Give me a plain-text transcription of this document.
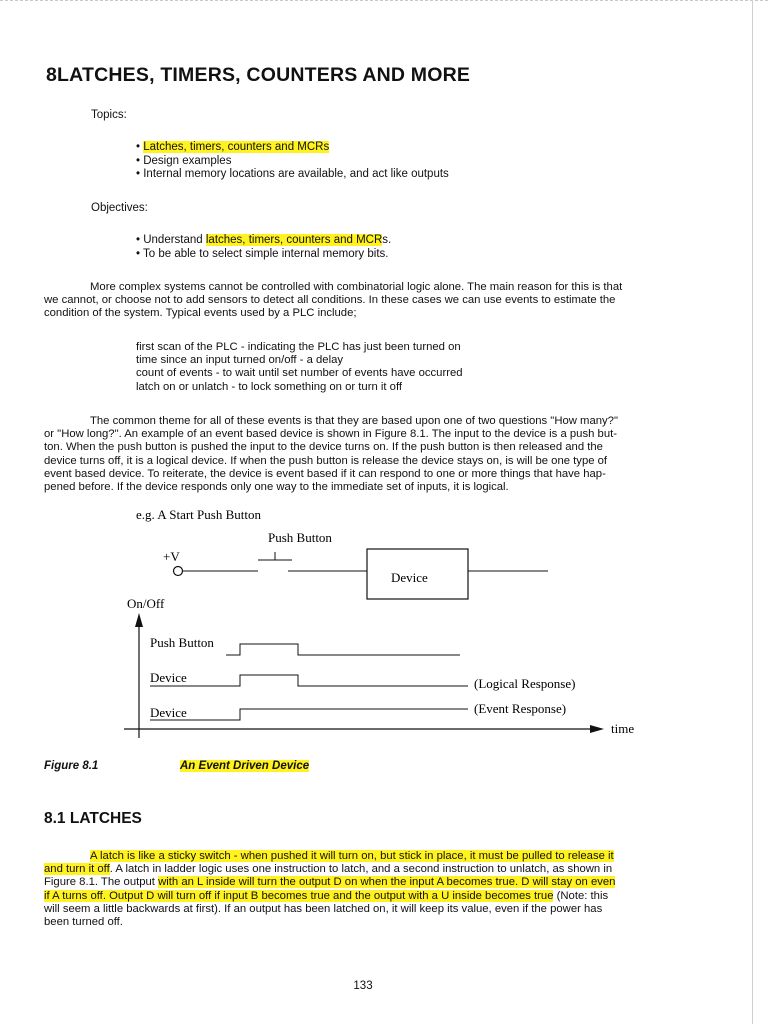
8LATCHES, TIMERS, COUNTERS AND MORE
Topics:
• Latches, timers, counters and MCRs
• Design examples
• Internal memory locations are available, and act like outputs
Objectives:
• Understand latches, timers, counters and MCRs.
• To be able to select simple internal memory bits.
More complex systems cannot be controlled with combinatorial logic alone. The main reason for this is that
we cannot, or choose not to add sensors to detect all conditions. In these cases we can use events to estimate the
condition of the system. Typical events used by a PLC include;
first scan of the PLC - indicating the PLC has just been turned on
time since an input turned on/off - a delay
count of events - to wait until set number of events have occurred
latch on or unlatch - to lock something on or turn it off
The common theme for all of these events is that they are based upon one of two questions "How many?"
or "How long?". An example of an event based device is shown in Figure 8.1. The input to the device is a push but-
ton. When the push button is pushed the input to the device turns on. If the push button is then released and the
device turns off, it is a logical device. If when the push button is release the device stays on, is will be one type of
event based device. To reiterate, the device is event based if it can respond to one or more things that have hap-
pened before. If the device responds only one way to the immediate set of inputs, it is logical.
e.g. A Start Push Button
Push Button
+V
Device
On/Off
time
Push Button
Device	(Logical Response)
Device	(Event Response)
Figure 8.1	An Event Driven Device
8.1 LATCHES
A latch is like a sticky switch - when pushed it will turn on, but stick in place, it must be pulled to release it
and turn it off. A latch in ladder logic uses one instruction to latch, and a second instruction to unlatch, as shown in
Figure 8.1. The output with an L inside will turn the output D on when the input A becomes true. D will stay on even
if A turns off. Output D will turn off if input B becomes true and the output with a U inside becomes true (Note: this
will seem a little backwards at first). If an output has been latched on, it will keep its value, even if the power has
been turned off.
133
